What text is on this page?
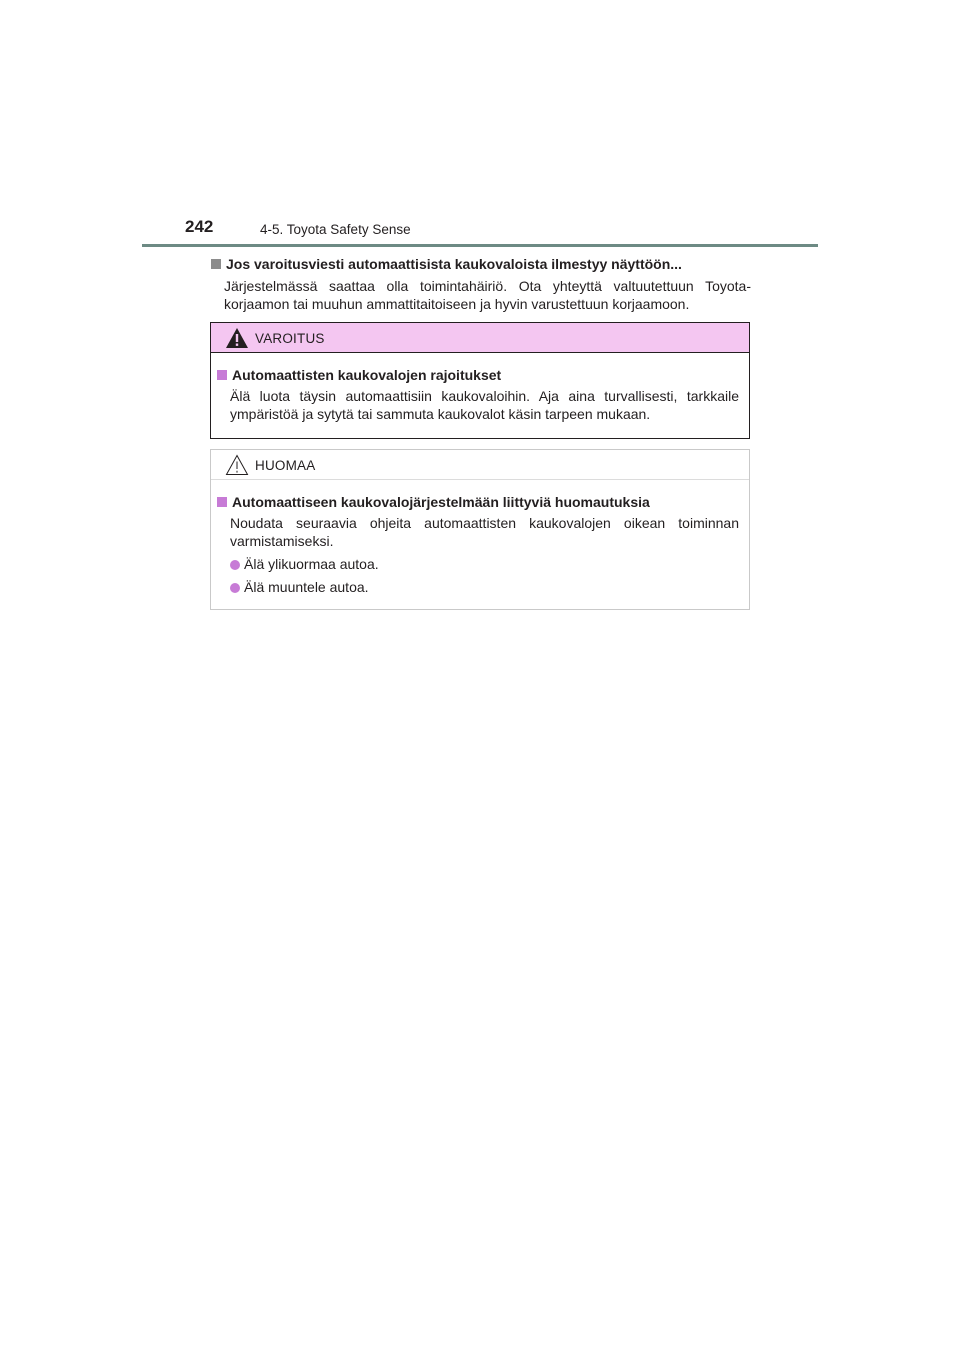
242	4-5. Toyota Safety Sense
Jos varoitusviesti automaattisista kaukovaloista ilmestyy näyttöön...
Järjestelmässä saattaa olla toimintahäiriö. Ota yhteyttä valtuutettuun Toyota-korjaamon tai muuhun ammattitaitoiseen ja hyvin varustettuun korjaamoon.
VAROITUS
Automaattisten kaukovalojen rajoitukset
Älä luota täysin automaattisiin kaukovaloihin. Aja aina turvallisesti, tarkkaile ympäristöä ja sytytä tai sammuta kaukovalot käsin tarpeen mukaan.
HUOMAA
Automaattiseen kaukovalojärjestelmään liittyviä huomautuksia
Noudata seuraavia ohjeita automaattisten kaukovalojen oikean toiminnan varmistamiseksi.
Älä ylikuormaa autoa.
Älä muuntele autoa.
